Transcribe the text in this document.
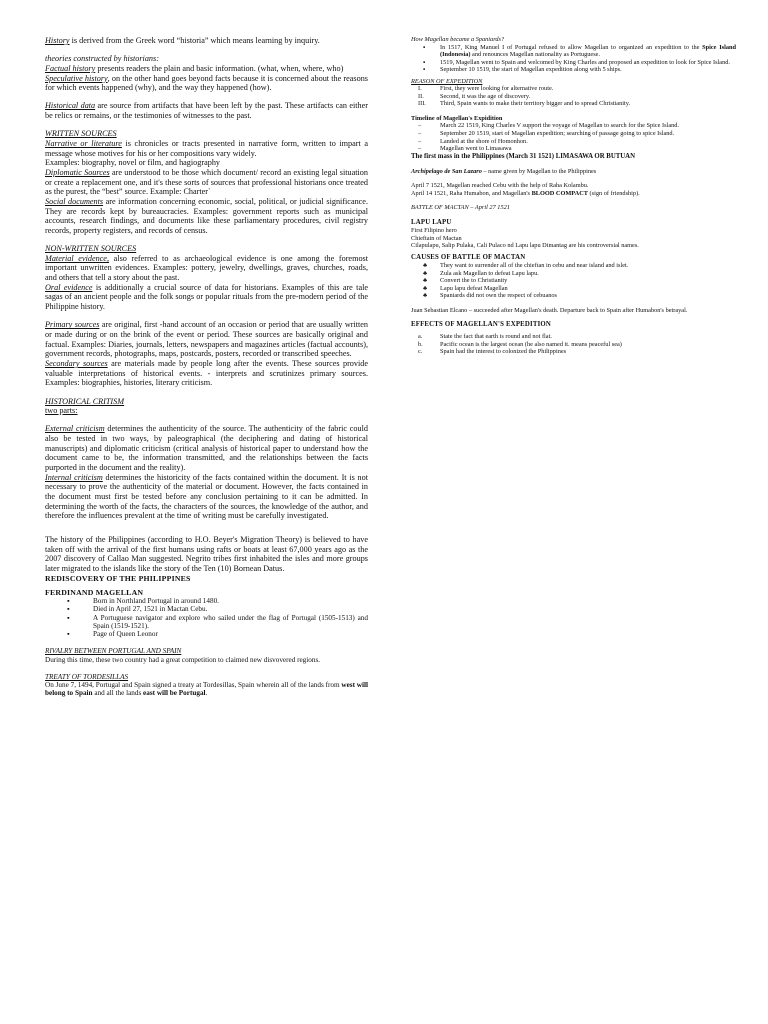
History is derived from the Greek word “historia” which means learning by inquiry.

theories constructed by historians:

Factual history presents readers the plain and basic information. (what, when, where, who)

Speculative history, on the other hand goes beyond facts because it is concerned about the reasons for which events happened (why), and the way they happened (how).

Historical data are source from artifacts that have been left by the past. These artifacts can either be relics or remains, or the testimonies of witnesses to the past.

WRITTEN SOURCES

Narrative or literature is chronicles or tracts presented in narrative form, written to impart a message whose motives for his or her compositions vary widely.

Examples: biography, novel or film, and hagiography

Diplomatic Sources are understood to be those which document/ record an existing legal situation or create a replacement one, and it's these sorts of sources that professional historians once treated as the purest, the “best” source. Example: Charter`

Social documents are information concerning economic, social, political, or judicial significance. They are records kept by bureaucracies. Examples: government reports such as municipal accounts, research findings, and documents like these parliamentary procedures, civil registry records, property registers, and records of census.

NON-WRITTEN SOURCES

Material evidence, also referred to as archaeological evidence is one among the foremost important unwritten evidences. Examples: pottery, jewelry, dwellings, graves, churches, roads, and others that tell a story about the past.

Oral evidence is additionally a crucial source of data for historians. Examples of this are tale sagas of an ancient people and the folk songs or popular rituals from the pre-modern period of the Philippine history.

Primary sources are original, first -hand account of an occasion or period that are usually written or made during or on the brink of the event or period. These sources are basically original and factual. Examples: Diaries, journals, letters, newspapers and magazines articles (factual accounts), government records, photographs, maps, postcards, posters, recorded or transcribed speeches.

Secondary sources are materials made by people long after the events. These sources provide valuable interpretations of historical events. - interprets and scrutinizes primary sources. Examples: biographies, histories, literary criticism.

HISTORICAL CRITISM

two parts:

External criticism determines the authenticity of the source. The authenticity of the fabric could also be tested in two ways, by paleographical (the deciphering and dating of historical manuscripts) and diplomatic criticism (critical analysis of historical paper to understand how the document came to be, the information transmitted, and the relationships between the facts purported in the document and the reality).

Internal criticism determines the historicity of the facts contained within the document. It is not necessary to prove the authenticity of the material or document. However, the facts contained in the document must first be tested before any conclusion pertaining to it can be admitted. In determining the worth of the facts, the characters of the sources, the knowledge of the author, and therefore the influences prevalent at the time of writing must be carefully investigated.

The history of the Philippines (according to H.O. Beyer's Migration Theory) is believed to have taken off with the arrival of the first humans using rafts or boats at least 67,000 years ago as the 2007 discovery of Callao Man suggested. Negrito tribes first inhabited the isles and more groups later migrated to the islands like the story of the Ten (10) Bornean Datus.

REDISCOVERY OF THE PHILIPPINES

FERDINAND MAGELLAN

▪	Born in Northland Portugal in around 1480.
▪	Died in April 27, 1521 in Mactan Cebu.
▪	A Portuguese navigator and explore who sailed under the flag of Portugal (1505-1513) and Spain (1519-1521).
▪	Page of Queen Leonor

RIVALRY BETWEEN PORTUGAL AND SPAIN

During this time, these two country had a great competition to claimed new disvovered regions.

TREATY OF TORDESILLAS

On June 7, 1494, Portugal and Spain signed a treaty at Tordesillas, Spain wherein all of the lands from west will belong to Spain and all the lands east will be Portugal.

How Magellan became a Spaniards?

▪ In 1517, King Manuel I of Portugal refused to allow Magellan to organized an expedition to the Spice Island (Indonesia) and renounces Magellan nationality as Portuguese.
▪ 1519, Magellan went to Spain and welcomed by King Charles and proposed an expedition to look for Spice Island.
▪ September 10 1519, the start of Magellan expedition along with 5 ships.

REASON OF EXPEDITION

I.	First, they were looking for alternative route.
II.	Second, it was the age of discovery.
III. Third, Spain wants to make their territory bigger and to spread Christianity.

Timeline of Magellan's Expidition

–	March 22 1519, King Charles V support the voyage of Magellan to search for the Spice Island.
–	September 20 1519, start of Magellan expedition; searching of passage going to spice Island.
–	Landed at the shore of Homonhon.
–	Magellan went to Limasawa

The first mass in the Philippines (March 31 1521) LIMASAWA OR BUTUAN

Archipelago de San Lazaro – name given by Magellan to the Philippines

April 7 1521, Magellan reached Cebu with the help of Raha Kolambu.

April 14 1521, Raha Humabon, and Magellan's BLOOD COMPACT (sign of friendship).

BATTLE OF MACTAN – April 27 1521

LAPU LAPU

First Filipino hero

Chieftain of Mactan

Cilapulapu, Salip Pulaka, Cali Pulaco nd Lapu lapu Dimantag are his controversial names.

CAUSES OF BATTLE OF MACTAN

♣ They want to surrender all of the chieftan in cebu and near island and islet.
♣ Zula ask Magellan to defeat Lapu lapu.
♣ Convert the to Christianity
♣ Lapu lapu defeat Magellan
♣ Spaniards did not own the respect of cebuanos

Juan Sebastian Elcano – succeeded after Magellan's death. Departure back to Spain after Humabon's betrayal.

EFFECTS OF MAGELLAN'S EXPEDITION

a.	State the fact that earth is round and not flat.
b.	Pacific ocean is the largest ocean (he also named it. means peaceful sea)
c.	Spain had the interest to colonized the Philippines
